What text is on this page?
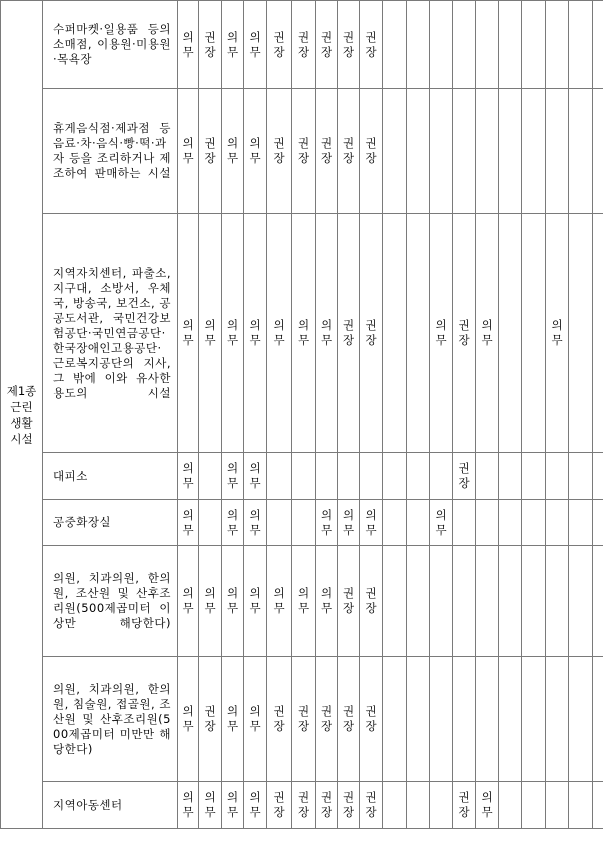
제1종
근린
생활
시설	수퍼마켓·일용품 등의 소매점, 이용원·미용원·목욕장	의무	권장	의무	의무	권장	권장	권장	권장	권장										
	휴게음식점·제과점 등 음료·차·음식·빵·떡·과자 등을 조리하거나 제조하여 판매하는 시설	의무	권장	의무	의무	권장	권장	권장	권장	권장										
	지역자치센터, 파출소, 지구대, 소방서, 우체국, 방송국, 보건소, 공공도서관, 국민건강보험공단·국민연금공단·한국장애인고용공단·근로복지공단의 지사, 그 밖에 이와 유사한 용도의 시설	의무	의무	의무	의무	의무	의무	의무	권장	권장			의무	권장	의무			의무		
	대피소	의무		의무	의무									권장						
	공중화장실	의무		의무	의무			의무	의무	의무			의무							
	의원, 치과의원, 한의원, 조산원 및 산후조리원(500제곱미터 이상만 해당한다)	의무	의무	의무	의무	의무	의무	의무	권장	권장										
	의원, 치과의원, 한의원, 침술원, 접골원, 조산원 및 산후조리원(500제곱미터 미만만 해당한다)	의무	권장	의무	의무	권장	권장	권장	권장	권장										
	지역아동센터	의무	의무	의무	의무	권장	권장	권장	권장	권장				권장	의무					
